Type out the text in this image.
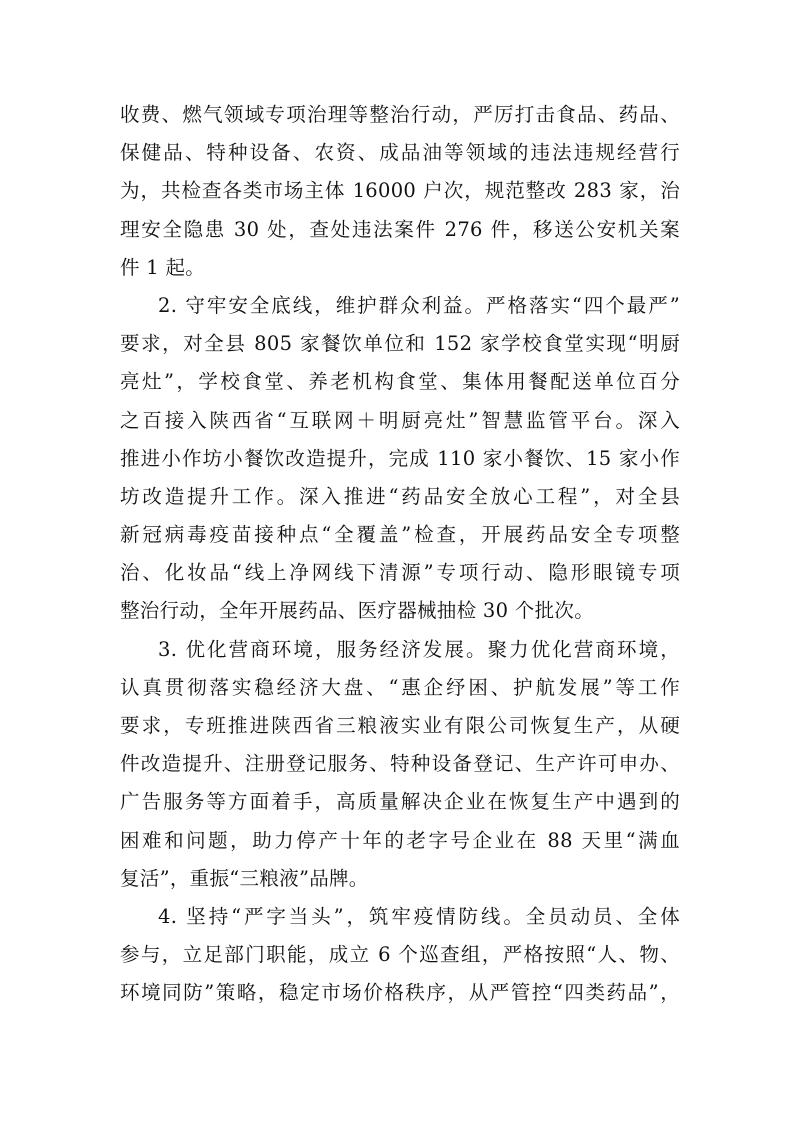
收费、燃气领域专项治理等整治行动，严厉打击食品、药品、
保健品、特种设备、农资、成品油等领域的违法违规经营行
为，共检查各类市场主体 16000 户次，规范整改 283 家，治
理安全隐患 30 处，查处违法案件 276 件，移送公安机关案
件 1 起。
2. 守牢安全底线，维护群众利益。严格落实“四个最严”
要求，对全县 805 家餐饮单位和 152 家学校食堂实现“明厨
亮灶”，学校食堂、养老机构食堂、集体用餐配送单位百分
之百接入陕西省“互联网＋明厨亮灶”智慧监管平台。深入
推进小作坊小餐饮改造提升，完成 110 家小餐饮、15 家小作
坊改造提升工作。深入推进“药品安全放心工程”，对全县
新冠病毒疫苗接种点“全覆盖”检查，开展药品安全专项整
治、化妆品“线上净网线下清源”专项行动、隐形眼镜专项
整治行动，全年开展药品、医疗器械抽检 30 个批次。
3. 优化营商环境，服务经济发展。聚力优化营商环境，
认真贯彻落实稳经济大盘、“惠企纾困、护航发展”等工作
要求，专班推进陕西省三粮液实业有限公司恢复生产，从硬
件改造提升、注册登记服务、特种设备登记、生产许可申办、
广告服务等方面着手，高质量解决企业在恢复生产中遇到的
困难和问题，助力停产十年的老字号企业在 88 天里“满血
复活”，重振“三粮液”品牌。
4. 坚持“严字当头”，筑牢疫情防线。全员动员、全体
参与，立足部门职能，成立 6 个巡查组，严格按照“人、物、
环境同防”策略，稳定市场价格秩序，从严管控“四类药品”，
